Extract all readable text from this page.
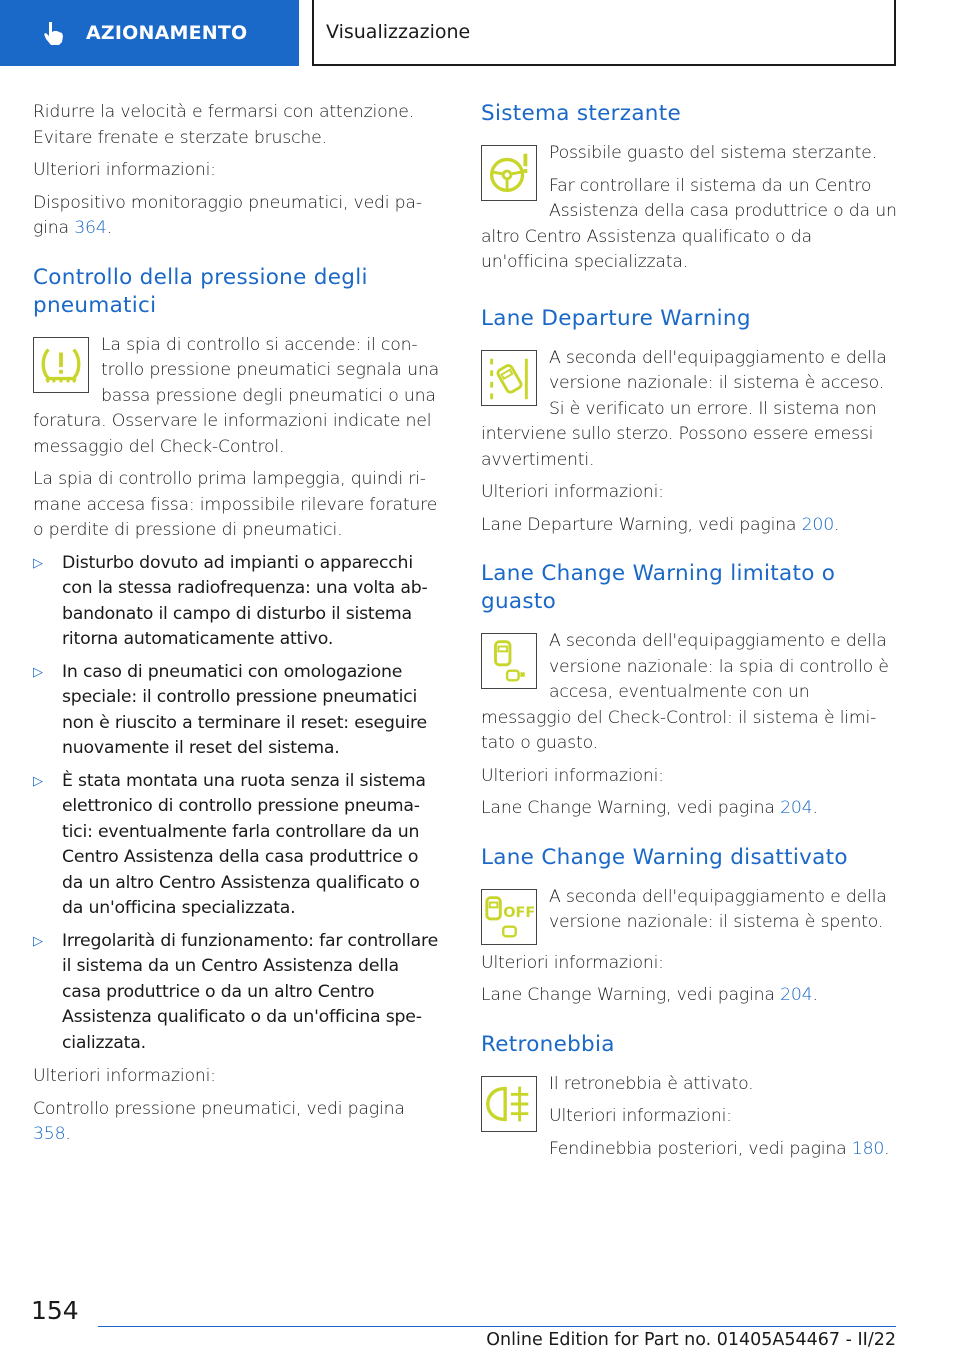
AZIONAMENTO	Visualizzazione

Ridurre la velocità e fermarsi con attenzione. Evitare frenate e sterzate brusche.

Ulteriori informazioni:

Dispositivo monitoraggio pneumatici, vedi pagina 364.

Controllo della pressione degli pneumatici

La spia di controllo si accende: il controllo pressione pneumatici segnala una bassa pressione degli pneumatici o una foratura. Osservare le informazioni indicate nel messaggio del Check-Control.

La spia di controllo prima lampeggia, quindi rimane accesa fissa: impossibile rilevare forature o perdite di pressione di pneumatici.

▷ Disturbo dovuto ad impianti o apparecchi con la stessa radiofrequenza: una volta abbandonato il campo di disturbo il sistema ritorna automaticamente attivo.
▷ In caso di pneumatici con omologazione speciale: il controllo pressione pneumatici non è riuscito a terminare il reset: eseguire nuovamente il reset del sistema.
▷ È stata montata una ruota senza il sistema elettronico di controllo pressione pneumatici: eventualmente farla controllare da un Centro Assistenza della casa produttrice o da un altro Centro Assistenza qualificato o da un'officina specializzata.
▷ Irregolarità di funzionamento: far controllare il sistema da un Centro Assistenza della casa produttrice o da un altro Centro Assistenza qualificato o da un'officina specializzata.

Ulteriori informazioni:

Controllo pressione pneumatici, vedi pagina 358.

Sistema sterzante

Possibile guasto del sistema sterzante.

Far controllare il sistema da un Centro Assistenza della casa produttrice o da un altro Centro Assistenza qualificato o da un'officina specializzata.

Lane Departure Warning

A seconda dell'equipaggiamento e della versione nazionale: il sistema è acceso. Si è verificato un errore. Il sistema non interviene sullo sterzo. Possono essere emessi avvertimenti.

Ulteriori informazioni:

Lane Departure Warning, vedi pagina 200.

Lane Change Warning limitato o guasto

A seconda dell'equipaggiamento e della versione nazionale: la spia di controllo è accesa, eventualmente con un messaggio del Check-Control: il sistema è limitato o guasto.

Ulteriori informazioni:

Lane Change Warning, vedi pagina 204.

Lane Change Warning disattivato
OFF

A seconda dell'equipaggiamento e della versione nazionale: il sistema è spento.

Ulteriori informazioni:

Lane Change Warning, vedi pagina 204.

Retronebbia

Il retronebbia è attivato.

Ulteriori informazioni:

Fendinebbia posteriori, vedi pagina 180.

154
Online Edition for Part no. 01405A54467 - II/22
